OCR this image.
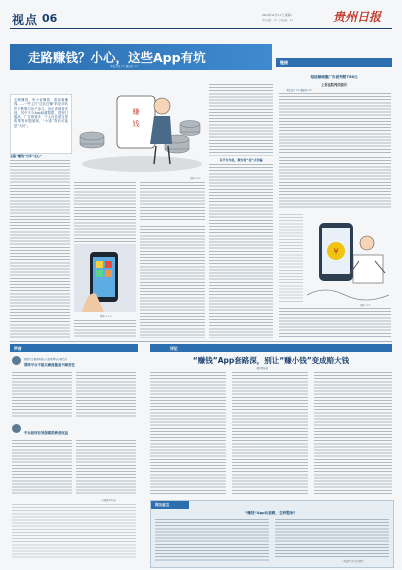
视点 06	2024年12月××日 星期×
责任编辑：×× 美术编辑：××	贵州日报
走路赚钱？小心，这些App有坑
本报记者 ×× 通讯员 ××
链接
短视频刷搬广告被判赔756元
上诉法院判决驳回
本报记者 ×× 通讯员 ××
¥
漫画 ×××
走路赚钱、听小说赚钱、看视频赚钱……一些主打“边玩边赚”的应用软件不断吸引用户参与。但记者调查发现，其中不少App暗藏陷阱，提现门槛高、广告弹窗多、个人信息被过度收集等问题频现，“小钱”背后可能是“大坑”。
赚
钱
漫画 ×××
走路“赚钱”有多“走心”
图画 × × ×
以平台为名，欺诈者“花”式诈骗
声音
网络平台要承担起应有的管理与审核责任
网络平台不能只顾流量而不顾责任
平台如何有效保障消费者权益
（均据新华社电）
评论
“赚钱”App套路深，别让“赚小钱”变成赔大钱
本报评论员
网友留言
“赚钱”App玩套路，怎样整治？
（本版图片均为资料图）
